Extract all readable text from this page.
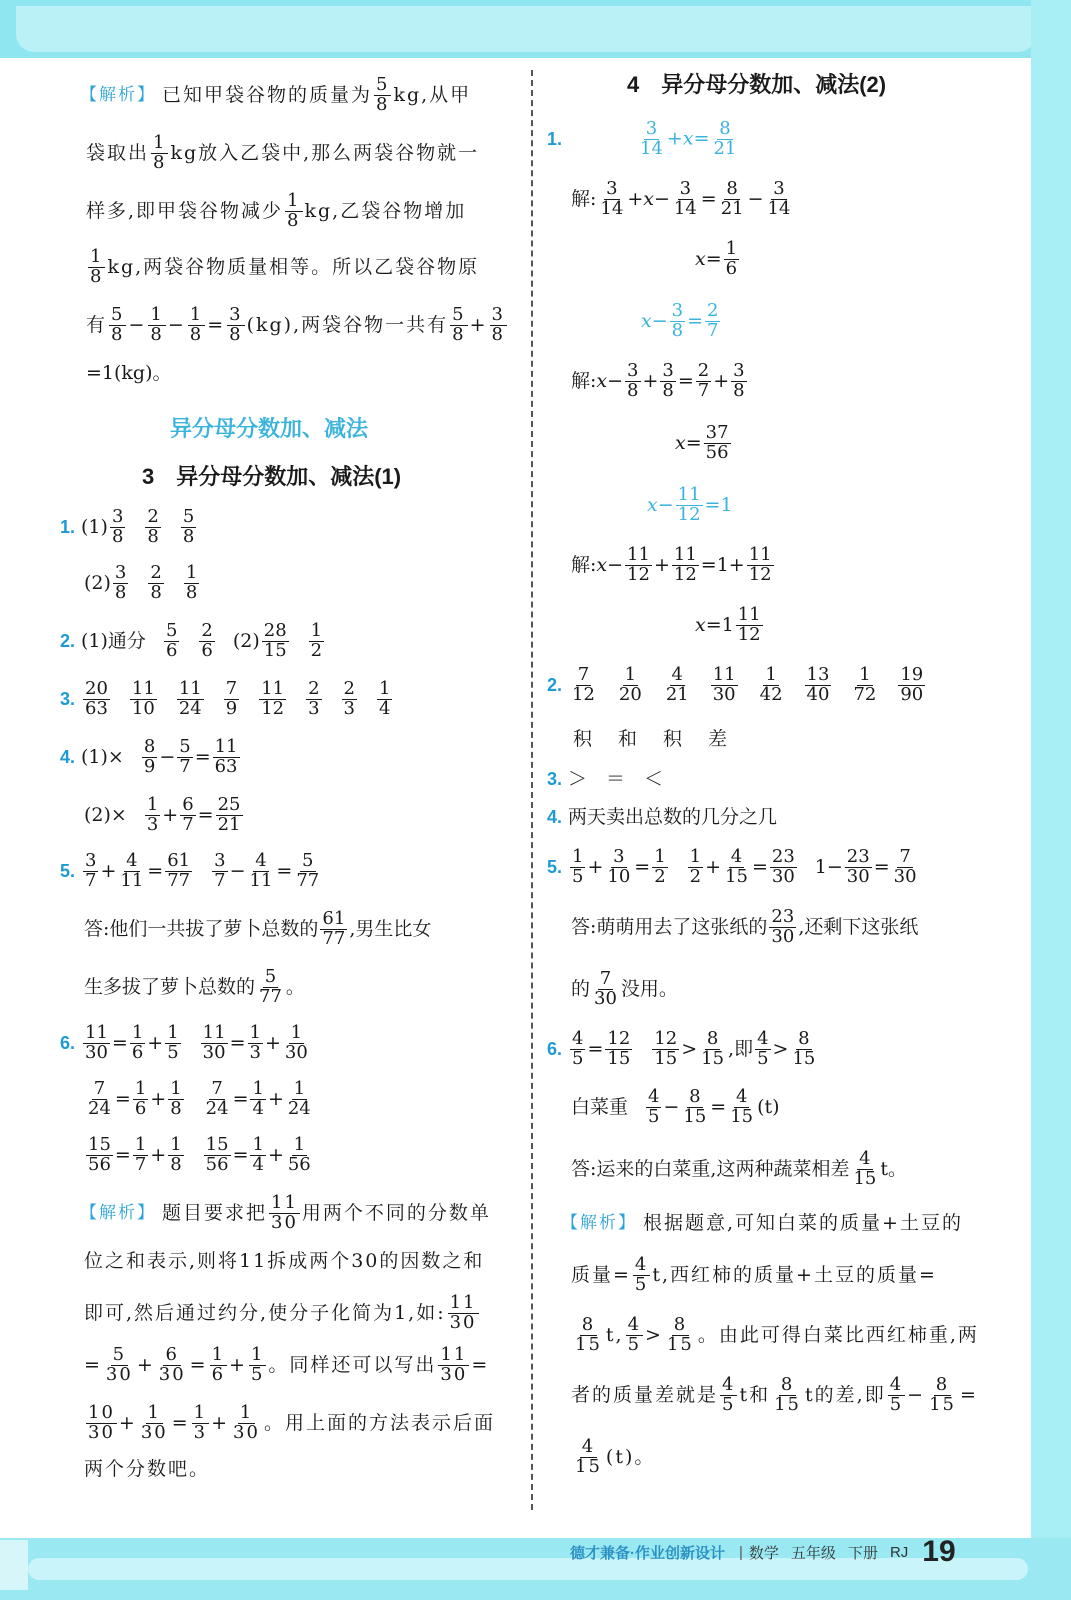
【解析】 已知甲袋谷物的质量为 $\frac{5}{8}$ kg,从甲
袋取出 $\frac{1}{8}$ kg放入乙袋中,那么两袋谷物就一
样多,即甲袋谷物减少 $\frac{1}{8}$ kg,乙袋谷物增加
$\frac{1}{8}$ kg,两袋谷物质量相等。所以乙袋谷物原
有 $\frac{5}{8} - \frac{1}{8} - \frac{1}{8} = \frac{3}{8} (kg)$,两袋谷物一共有 $\frac{5}{8} + \frac{3}{8}$
=1(kg)。
异分母分数加、减法
3　异分母分数加、减法(1)
1. $(1) \frac{3}{8} \frac{2}{8} \frac{5}{8}$
$(2) \frac{3}{8} \frac{2}{8} \frac{1}{8}$
2. (1)通分 $\frac{5}{6} \frac{2}{6} (2) \frac{28}{15} \frac{1}{2}$
3. $\frac{20}{63} \frac{11}{10} \frac{11}{24} \frac{7}{9} \frac{11}{12} \frac{2}{3} \frac{2}{3} \frac{1}{4}$
4. $(1)\times \frac{8}{9} - \frac{5}{7} = \frac{11}{63}$
$(2)\times \frac{1}{3} + \frac{6}{7} = \frac{25}{21}$
5. $\frac{3}{7} + \frac{4}{11} = \frac{61}{77} \frac{3}{7} - \frac{4}{11} = \frac{5}{77}$
答:他们一共拔了萝卜总数的 $\frac{61}{77}$ ,男生比女
生多拔了萝卜总数的 $\frac{5}{77}$ 。
6. $\frac{11}{30} = \frac{1}{6} + \frac{1}{5} \frac{11}{30} = \frac{1}{3} + \frac{1}{30}$
$\frac{7}{24} = \frac{1}{6} + \frac{1}{8} \frac{7}{24} = \frac{1}{4} + \frac{1}{24}$
$\frac{15}{56} = \frac{1}{7} + \frac{1}{8} \frac{15}{56} = \frac{1}{4} + \frac{1}{56}$
【解析】 题目要求把 $\frac{11}{30}$ 用两个不同的分数单
位之和表示,则将11拆成两个30的因数之和
即可,然后通过约分,使分子化简为1,如: $\frac{11}{30}$
= $\frac{5}{30} + \frac{6}{30} = \frac{1}{6} + \frac{1}{5}$ 。同样还可以写出 $\frac{11}{30}$ =
$\frac{10}{30} + \frac{1}{30} = \frac{1}{3} + \frac{1}{30}$ 。用上面的方法表示后面
两个分数吧。
4　异分母分数加、减法(2)
1.	$\frac{3}{14} +x= \frac{8}{21}$
解: $\frac{3}{14} + x - \frac{3}{14} = \frac{8}{21} - \frac{3}{14}$
$x = \frac{1}{6}$
$x - \frac{3}{8} = \frac{2}{7}$
解: $x - \frac{3}{8} + \frac{3}{8} = \frac{2}{7} + \frac{3}{8}$
$x = \frac{37}{56}$
$x - \frac{11}{12} =1$
解: $x - \frac{11}{12} + \frac{11}{12} =1+ \frac{11}{12}$
$x =1 \frac{11}{12}$
2. $\frac{7}{12} \frac{1}{20} \frac{4}{21} \frac{11}{30} \frac{1}{42} \frac{13}{40} \frac{1}{72} \frac{19}{90}$
积 和 积 差
3. ＞　＝　＜
4. 两天卖出总数的几分之几
5. $\frac{1}{5} + \frac{3}{10} = \frac{1}{2} \frac{1}{2} + \frac{4}{15} = \frac{23}{30} 1- \frac{23}{30} = \frac{7}{30}$
答:萌萌用去了这张纸的 $\frac{23}{30}$ ,还剩下这张纸
的 $\frac{7}{30}$ 没用。
6. $\frac{4}{5} = \frac{12}{15} \frac{12}{15} > \frac{8}{15}$ ,即 $\frac{4}{5} > \frac{8}{15}$
白菜重 $\frac{4}{5} - \frac{8}{15} = \frac{4}{15} (t)$
答:运来的白菜重,这两种蔬菜相差 $\frac{4}{15}$ t。
【解析】 根据题意,可知白菜的质量+土豆的
质量= $\frac{4}{5} t$,西红柿的质量+土豆的质量=
$\frac{8}{15} t$, $\frac{4}{5} > \frac{8}{15}$ 。由此可得白菜比西红柿重,两
者的质量差就是 $\frac{4}{5}$ t和 $\frac{8}{15}$ t的差,即 $\frac{4}{5} - \frac{8}{15}$ =
$\frac{4}{15} (t)$。
德才兼备·作业创新设计 | 数学 五年级 下册 RJ 19
